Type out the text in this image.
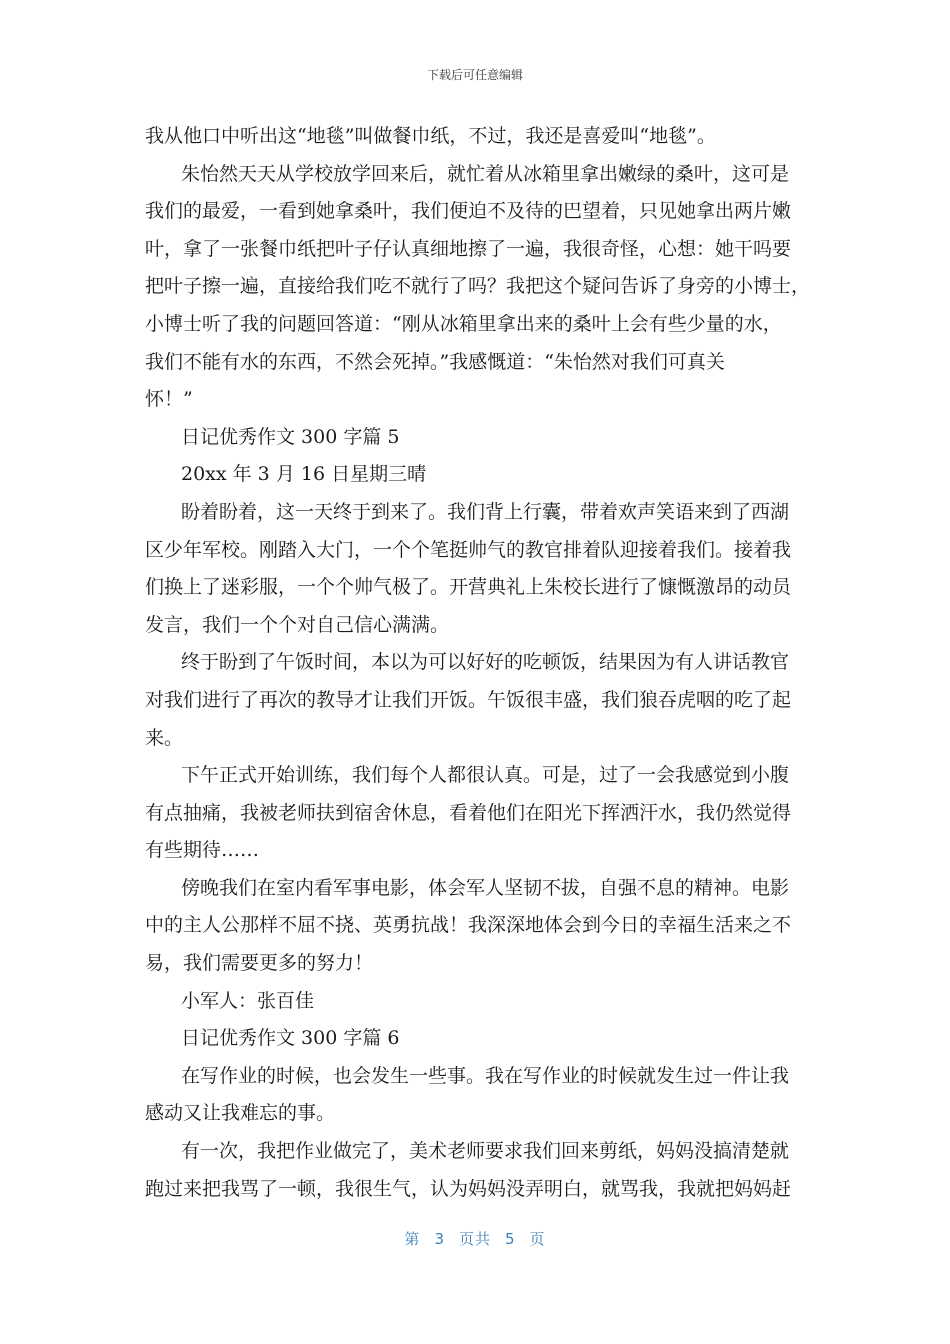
下载后可任意编辑
我从他口中听出这“地毯”叫做餐巾纸，不过，我还是喜爱叫“地毯”。
朱怡然天天从学校放学回来后，就忙着从冰箱里拿出嫩绿的桑叶，这可是
我们的最爱，一看到她拿桑叶，我们便迫不及待的巴望着，只见她拿出两片嫩
叶，拿了一张餐巾纸把叶子仔认真细地擦了一遍，我很奇怪，心想：她干吗要
把叶子擦一遍，直接给我们吃不就行了吗？我把这个疑问告诉了身旁的小博士，
小博士听了我的问题回答道：“刚从冰箱里拿出来的桑叶上会有些少量的水，
我们不能有水的东西，不然会死掉。”我感慨道：“朱怡然对我们可真关
怀！”
日记优秀作文 300 字篇 5
20xx 年 3 月 16 日星期三晴
盼着盼着，这一天终于到来了。我们背上行囊，带着欢声笑语来到了西湖
区少年军校。刚踏入大门，一个个笔挺帅气的教官排着队迎接着我们。接着我
们换上了迷彩服，一个个帅气极了。开营典礼上朱校长进行了慷慨激昂的动员
发言，我们一个个对自己信心满满。
终于盼到了午饭时间，本以为可以好好的吃顿饭，结果因为有人讲话教官
对我们进行了再次的教导才让我们开饭。午饭很丰盛，我们狼吞虎咽的吃了起
来。
下午正式开始训练，我们每个人都很认真。可是，过了一会我感觉到小腹
有点抽痛，我被老师扶到宿舍休息，看着他们在阳光下挥洒汗水，我仍然觉得
有些期待……
傍晚我们在室内看军事电影，体会军人坚韧不拔，自强不息的精神。电影
中的主人公那样不屈不挠、英勇抗战！我深深地体会到今日的幸福生活来之不
易，我们需要更多的努力！
小军人：张百佳
日记优秀作文 300 字篇 6
在写作业的时候，也会发生一些事。我在写作业的时候就发生过一件让我
感动又让我难忘的事。
有一次，我把作业做完了，美术老师要求我们回来剪纸，妈妈没搞清楚就
跑过来把我骂了一顿，我很生气，认为妈妈没弄明白，就骂我，我就把妈妈赶
第 3 页共 5 页
